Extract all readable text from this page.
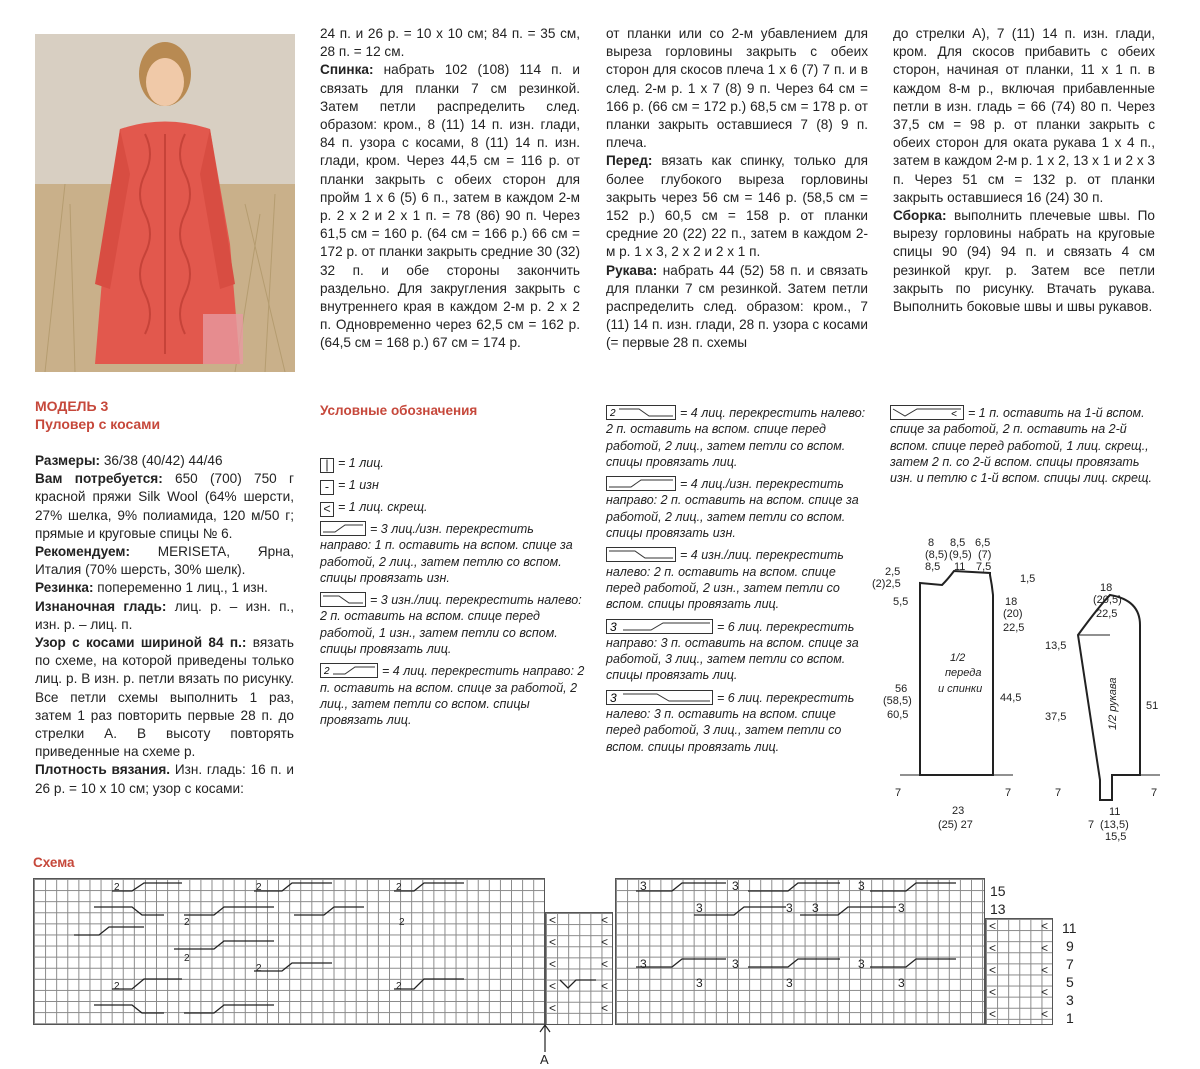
МОДЕЛЬ 3
Пуловер с косами
Размеры: 36/38 (40/42) 44/46
Вам потребуется: 650 (700) 750 г красной пряжи Silk Wool (64% шерсти, 27% шелка, 9% полиамида, 120 м/50 г; прямые и круговые спицы № 6.
Рекомендуем: MERISETA, Ярна, Италия (70% шерсть, 30% шелк).
Резинка: попеременно 1 лиц., 1 изн.
Изнаночная гладь: лиц. р. – изн. п., изн. р. – лиц. п.
Узор с косами шириной 84 п.: вязать по схеме, на которой приведены только лиц. р. В изн. р. петли вязать по рисунку. Все петли схемы выполнить 1 раз, затем 1 раз повторить первые 28 п. до стрелки А. В высоту повторять приведенные на схеме р.
Плотность вязания. Изн. гладь: 16 п. и 26 р. = 10 х 10 см; узор с косами:
24 п. и 26 р. = 10 х 10 см; 84 п. = 35 см, 28 п. = 12 см.
Спинка: набрать 102 (108) 114 п. и связать для планки 7 см резинкой. Затем петли распределить след. образом: кром., 8 (11) 14 п. изн. глади, 84 п. узора с косами, 8 (11) 14 п. изн. глади, кром. Через 44,5 см = 116 р. от планки закрыть с обеих сторон для пройм 1 х 6 (5) 6 п., затем в каждом 2-м р. 2 х 2 и 2 х 1 п. = 78 (86) 90 п. Через 61,5 см = 160 р. (64 см = 166 р.) 66 см = 172 р. от планки закрыть средние 30 (32) 32 п. и обе стороны закончить раздельно. Для закругления закрыть с внутреннего края в каждом 2-м р. 2 х 2 п. Одновременно через 62,5 см = 162 р. (64,5 см = 168 р.) 67 см = 174 р.
от планки или со 2-м убавлением для выреза горловины закрыть с обеих сторон для скосов плеча 1 х 6 (7) 7 п. и в след. 2-м р. 1 х 7 (8) 9 п. Через 64 см = 166 р. (66 см = 172 р.) 68,5 см = 178 р. от планки закрыть оставшиеся 7 (8) 9 п. плеча.
Перед: вязать как спинку, только для более глубокого выреза горловины закрыть через 56 см = 146 р. (58,5 см = 152 р.) 60,5 см = 158 р. от планки средние 20 (22) 22 п., затем в каждом 2-м р. 1 х 3, 2 х 2 и 2 х 1 п.
Рукава: набрать 44 (52) 58 п. и связать для планки 7 см резинкой. Затем петли распределить след. образом: кром., 7 (11) 14 п. изн. глади, 28 п. узора с косами (= первые 28 п. схемы
до стрелки А), 7 (11) 14 п. изн. глади, кром. Для скосов прибавить с обеих сторон, начиная от планки, 11 х 1 п. в каждом 8-м р., включая прибавленные петли в изн. гладь = 66 (74) 80 п. Через 37,5 см = 98 р. от планки закрыть с обеих сторон для оката рукава 1 х 4 п., затем в каждом 2-м р. 1 х 2, 13 х 1 и 2 х 3 п. Через 51 см = 132 р. от планки закрыть оставшиеся 16 (24) 30 п.
Сборка: выполнить плечевые швы. По вырезу горловины набрать на круговые спицы 90 (94) 94 п. и связать 4 см резинкой круг. р. Затем все петли закрыть по рисунку. Втачать рукава. Выполнить боковые швы и швы рукавов.
Условные обозначения
| = 1 лиц.
- = 1 изн
< = 1 лиц. скрещ.
= 3 лиц./изн. перекрестить направо: 1 п. оставить на вспом. спице за работой, 2 лиц., затем петлю со вспом. спицы провязать изн.
= 3 изн./лиц. перекрестить налево: 2 п. оставить на вспом. спице перед работой, 1 изн., затем петли со вспом. спицы провязать лиц.
2	= 4 лиц. перекрестить направо: 2 п. оставить на вспом. спице за работой, 2 лиц., затем петли со вспом. спицы провязать лиц.
2	= 4 лиц. перекрестить налево: 2 п. оставить на вспом. спице перед работой, 2 лиц., затем петли со вспом. спицы провязать лиц.
= 4 лиц./изн. перекрестить направо: 2 п. оставить на вспом. спице за работой, 2 лиц., затем петли со вспом. спицы провязать изн.
= 4 изн./лиц. перекрестить налево: 2 п. оставить на вспом. спице перед работой, 2 изн., затем петли со вспом. спицы провязать лиц.
3	= 6 лиц. перекрестить направо: 3 п. оставить на вспом. спице за работой, 3 лиц., затем петли со вспом. спицы провязать лиц.
3	= 6 лиц. перекрестить налево: 3 п. оставить на вспом. спице перед работой, 3 лиц., затем петли со вспом. спицы провязать лиц.
< = 1 п. оставить на 1-й вспом. спице за работой, 2 п. оставить на 2-й вспом. спице перед работой, 1 лиц. скрещ., затем 2 п. со 2-й вспом. спицы провязать изн. и петлю с 1-й вспом. спицы лиц. скрещ.
8
(8,5)
8,5
8,5
(9,5)
11
6,5
(7)
7,5
2,5
(2)2,5
5,5
1,5
18
(20)
22,5
56
(58,5)
60,5
44,5
7	7
23
(25) 27
1/2
переда
и спинки
18
(20,5)
22,5
13,5
37,5
51
7	7
7
11
(13,5)
15,5
1/2 рукава
Схема
2	2	2
2	2
2
2
2	2
<	<
<	<
<	<
<	<
<	<
3	3	3
3	3 3	3
3	3	3
3	3	3
<	<
<	<
<	<
<	<
<	<
15
13
11
9
7
5
3
1
А
